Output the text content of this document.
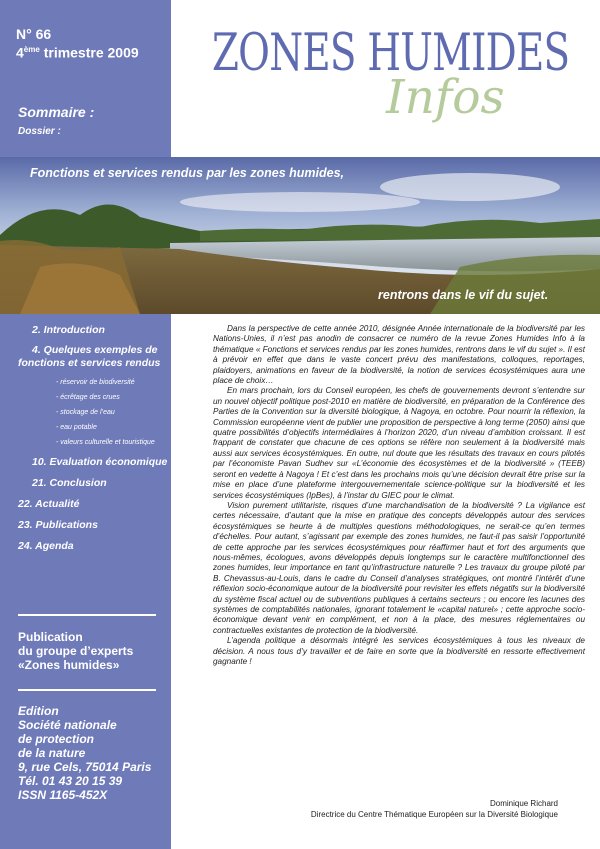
N° 66
4ème trimestre 2009
Sommaire :
Dossier :
2. Introduction
4. Quelques exemples de
fonctions et services rendus
- réservoir de biodiversité
- écrêtage des crues
- stockage de l’eau
- eau potable
- valeurs culturelle et touristique
10. Evaluation économique
21. Conclusion
22. Actualité
23. Publications
24. Agenda
Publication
du groupe d’experts
«Zones humides»
Edition
Société nationale
de protection
de la nature
9, rue Cels, 75014 Paris
Tél. 01 43 20 15 39
ISSN 1165-452X
ZONES HUMIDES
Infos
Fonctions et services rendus par les zones humides,
rentrons dans le vif du sujet.

Dans la perspective de cette année 2010, désignée Année internationale de la biodiversité par les Nations-Unies, il n’est pas anodin de consacrer ce numéro de la revue Zones Humides Info à la thématique « Fonctions et services rendus par les zones humides, rentrons dans le vif du sujet ». Il est à prévoir en effet que dans le vaste concert prévu des manifestations, colloques, reportages, plaidoyers, animations en faveur de la biodiversité, la notion de services écosystémiques aura une place de choix…

En mars prochain, lors du Conseil européen, les chefs de gouvernements devront s’entendre sur un nouvel objectif politique post-2010 en matière de biodiversité, en préparation de la Conférence des Parties de la Convention sur la diversité biologique, à Nagoya, en octobre. Pour nourrir la réflexion, la Commission européenne vient de publier une proposition de perspective à long terme (2050) ainsi que quatre possibilités d’objectifs intermédiaires à l’horizon 2020, d’un niveau d’ambition croissant. Il est frappant de constater que chacune de ces options se réfère non seulement à la biodiversité mais aussi aux services écosystémiques. En outre, nul doute que les résultats des travaux en cours pilotés par l’économiste Pavan Sudhev sur «L’économie des écosystèmes et de la biodiversité » (TEEB) seront en vedette à Nagoya ! Et c’est dans les prochains mois qu’une décision devrait être prise sur la mise en place d’une plateforme intergouvernementale science-politique sur la biodiversité et les services écosystémiques (IpBes), à l’instar du GIEC pour le climat.

Vision purement utilitariste, risques d’une marchandisation de la biodiversité ? La vigilance est certes nécessaire, d’autant que la mise en pratique des concepts développés autour des services écosystémiques se heurte à de multiples questions méthodologiques, ne serait-ce qu’en termes d’échelles. Pour autant, s’agissant par exemple des zones humides, ne faut-il pas saisir l’opportunité de cette approche par les services écosystémiques pour réaffirmer haut et fort des arguments que nous-mêmes, écologues, avons développés depuis longtemps sur le caractère multifonctionnel des zones humides, leur importance en tant qu’infrastructure naturelle ? Les travaux du groupe piloté par B. Chevassus-au-Louis, dans le cadre du Conseil d’analyses stratégiques, ont montré l’intérêt d’une réflexion socio-économique autour de la biodiversité pour revisiter les effets négatifs sur la biodiversité du système fiscal actuel ou de subventions publiques à certains secteurs ; ou encore les lacunes des systèmes de comptabilités nationales, ignorant totalement le «capital naturel» ; cette approche socio-économique devant venir en complément, et non à la place, des mesures réglementaires ou contractuelles existantes de protection de la biodiversité.

L’agenda politique a désormais intégré les services écosystémiques à tous les niveaux de décision. A nous tous d’y travailler et de faire en sorte que la biodiversité en ressorte effectivement gagnante !

Dominique Richard
Directrice du Centre Thématique Européen sur la Diversité Biologique
